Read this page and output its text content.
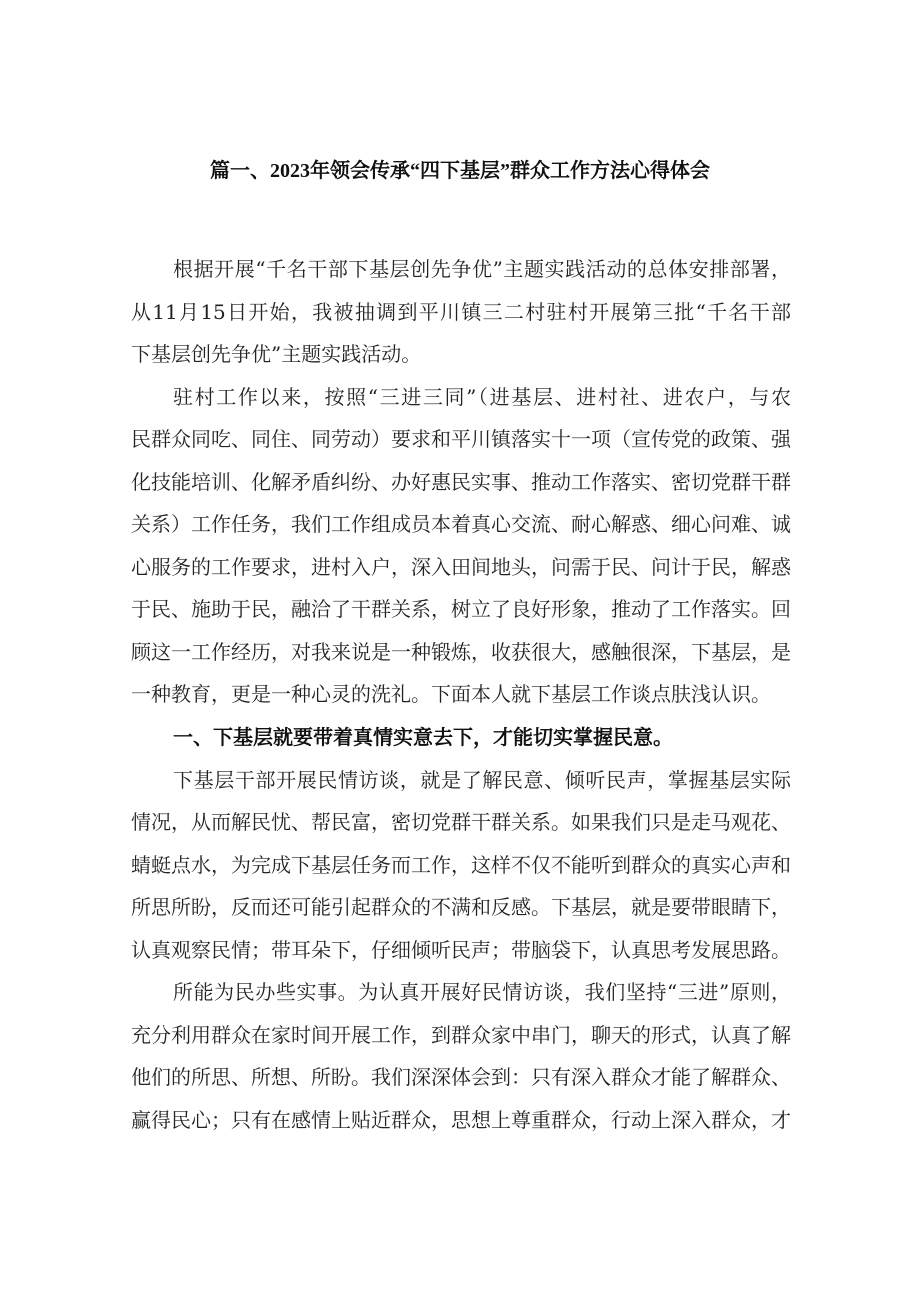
篇一、2023年领会传承“四下基层”群众工作方法心得体会
根据开展“千名干部下基层创先争优”主题实践活动的总体安排部署，
从11月15日开始，我被抽调到平川镇三二村驻村开展第三批“千名干部
下基层创先争优”主题实践活动。
驻村工作以来，按照“三进三同”（进基层、进村社、进农户，与农
民群众同吃、同住、同劳动）要求和平川镇落实十一项（宣传党的政策、强
化技能培训、化解矛盾纠纷、办好惠民实事、推动工作落实、密切党群干群
关系）工作任务，我们工作组成员本着真心交流、耐心解惑、细心问难、诚
心服务的工作要求，进村入户，深入田间地头，问需于民、问计于民，解惑
于民、施助于民，融洽了干群关系，树立了良好形象，推动了工作落实。回
顾这一工作经历，对我来说是一种锻炼，收获很大，感触很深，下基层，是
一种教育，更是一种心灵的洗礼。下面本人就下基层工作谈点肤浅认识。
一、下基层就要带着真情实意去下，才能切实掌握民意。
下基层干部开展民情访谈，就是了解民意、倾听民声，掌握基层实际
情况，从而解民忧、帮民富，密切党群干群关系。如果我们只是走马观花、
蜻蜓点水，为完成下基层任务而工作，这样不仅不能听到群众的真实心声和
所思所盼，反而还可能引起群众的不满和反感。下基层，就是要带眼睛下，
认真观察民情；带耳朵下，仔细倾听民声；带脑袋下，认真思考发展思路。
所能为民办些实事。为认真开展好民情访谈，我们坚持“三进”原则，
充分利用群众在家时间开展工作，到群众家中串门，聊天的形式，认真了解
他们的所思、所想、所盼。我们深深体会到：只有深入群众才能了解群众、
赢得民心；只有在感情上贴近群众，思想上尊重群众，行动上深入群众，才
